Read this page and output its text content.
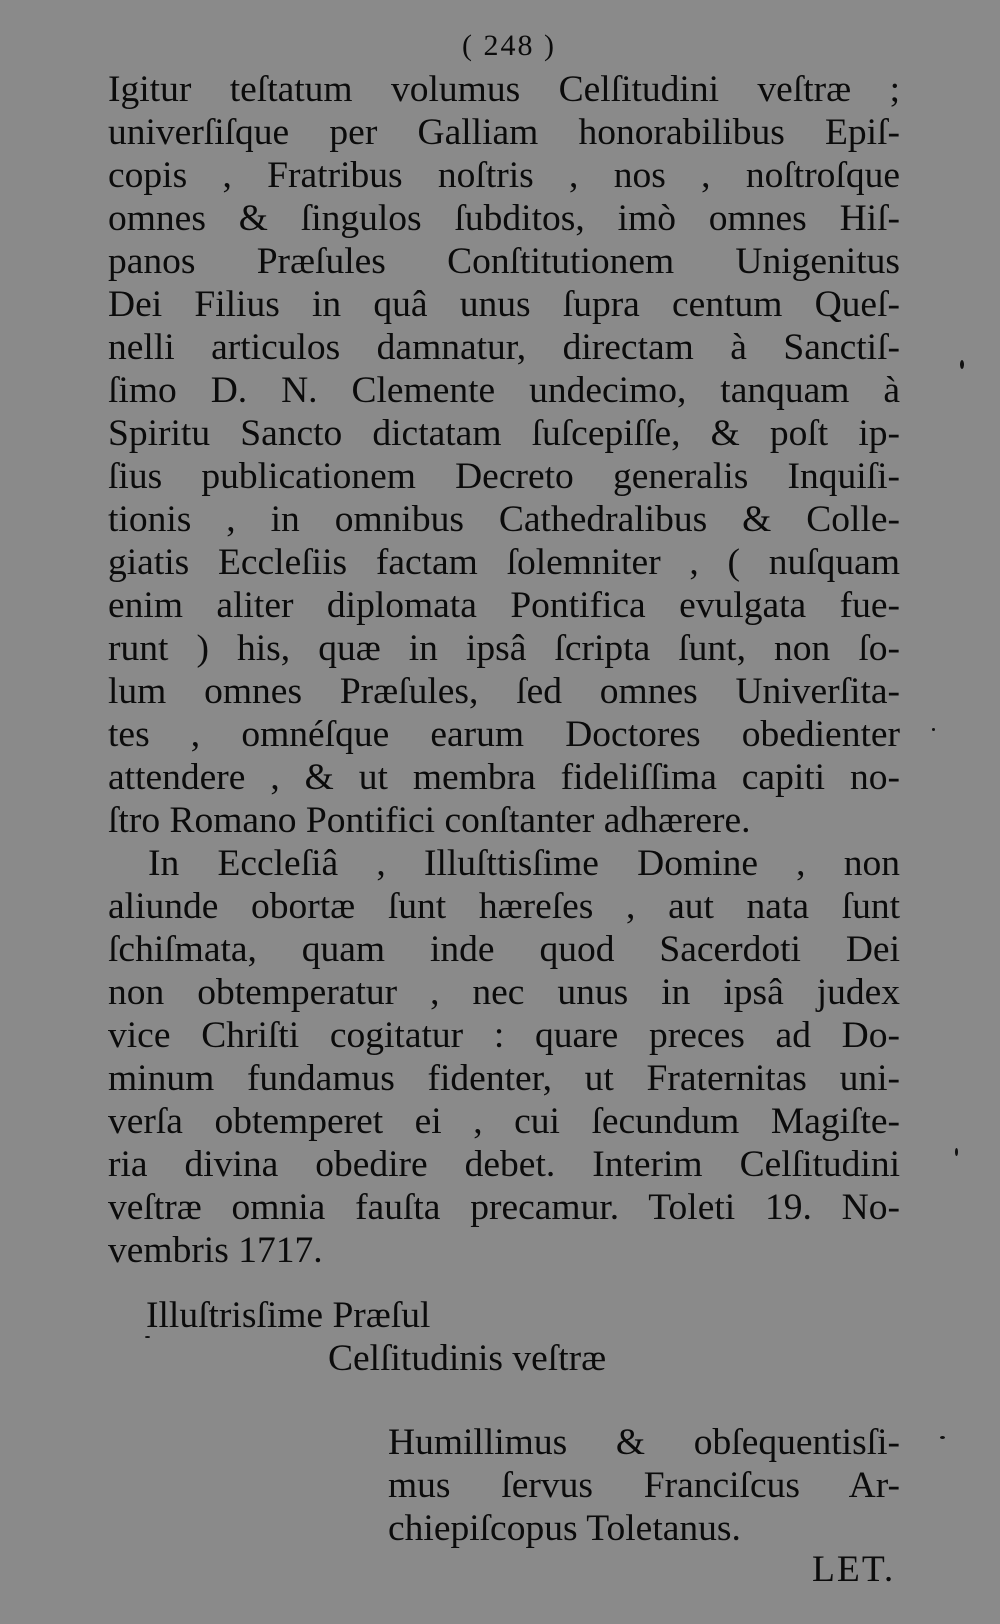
( 248 )
Igitur teſtatum volumus Celſitudini veſtræ ;
univerſiſque per Galliam honorabilibus Epiſ-
copis , Fratribus noſtris , nos , noſtroſque
omnes & ſingulos ſubditos, imò omnes Hiſ-
panos Præſules Conſtitutionem Unigenitus
Dei Filius in quâ unus ſupra centum Queſ-
nelli articulos damnatur, directam à Sanctiſ-
ſimo D. N. Clemente undecimo, tanquam à
Spiritu Sancto dictatam ſuſcepiſſe, & poſt ip-
ſius publicationem Decreto generalis Inquiſi-
tionis , in omnibus Cathedralibus & Colle-
giatis Eccleſiis factam ſolemniter , ( nuſquam
enim aliter diplomata Pontificа evulgata fue-
runt ) his, quæ in ipsâ ſcripta ſunt, non ſo-
lum omnes Præſules, ſed omnes Univerſita-
tes , omnéſque earum Doctores obedienter
attendere , & ut membra fideliſſima capiti no-
ſtro Romano Pontifici conſtanter adhærere.
In Eccleſiâ , Illuſttisſime Domine , non
aliunde obortæ ſunt hæreſes , aut nata ſunt
ſchiſmata, quam inde quod Sacerdoti Dei
non obtemperatur , nec unus in ipsâ judex
vice Chriſti cogitatur : quare preces ad Do-
minum fundamus fidenter, ut Fraternitas uni-
verſa obtemperet ei , cui ſecundum Magiſte-
ria divina obedire debet. Interim Celſitudini
veſtræ omnia fauſta precamur. Toleti 19. No-
vembris 1717.
Illuſtrisſime Præſul
Celſitudinis veſtræ
Humillimus & obſequentisſi-
mus ſervus Franciſcus Ar-
chiepiſcopus Toletanus.
LET.
